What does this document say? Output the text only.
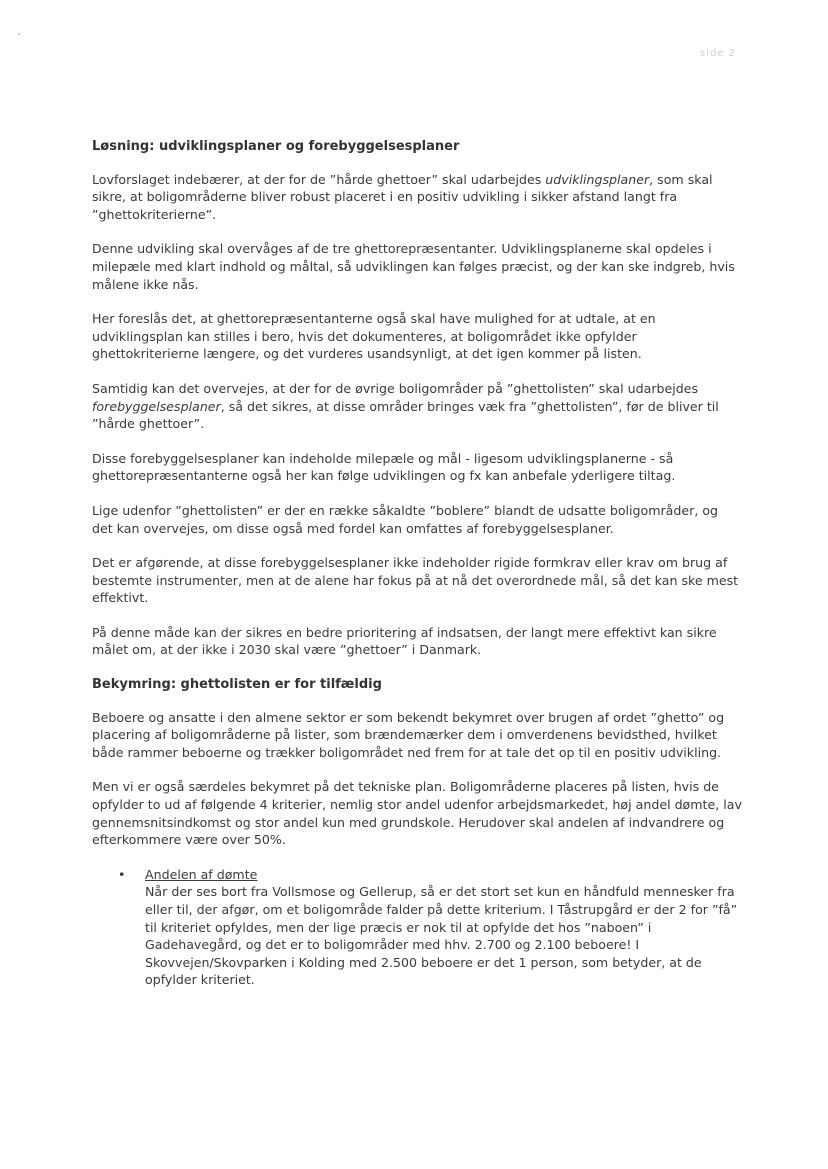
side 2
Løsning: udviklingsplaner og forebyggelsesplaner

Lovforslaget indebærer, at der for de ”hårde ghettoer” skal udarbejdes udviklingsplaner, som skal sikre, at boligområderne bliver robust placeret i en positiv udvikling i sikker afstand langt fra ”ghettokriterierne”.

Denne udvikling skal overvåges af de tre ghettorepræsentanter. Udviklingsplanerne skal opdeles i milepæle med klart indhold og måltal, så udviklingen kan følges præcist, og der kan ske indgreb, hvis målene ikke nås.

Her foreslås det, at ghettorepræsentanterne også skal have mulighed for at udtale, at en udviklingsplan kan stilles i bero, hvis det dokumenteres, at boligområdet ikke opfylder ghettokriterierne længere, og det vurderes usandsynligt, at det igen kommer på listen.

Samtidig kan det overvejes, at der for de øvrige boligområder på ”ghettolisten” skal udarbejdes forebyggelsesplaner, så det sikres, at disse områder bringes væk fra ”ghettolisten”, før de bliver til ”hårde ghettoer”.

Disse forebyggelsesplaner kan indeholde milepæle og mål - ligesom udviklingsplanerne - så ghettorepræsentanterne også her kan følge udviklingen og fx kan anbefale yderligere tiltag.

Lige udenfor ”ghettolisten” er der en række såkaldte ”boblere” blandt de udsatte boligområder, og det kan overvejes, om disse også med fordel kan omfattes af forebyggelsesplaner.

Det er afgørende, at disse forebyggelsesplaner ikke indeholder rigide formkrav eller krav om brug af bestemte instrumenter, men at de alene har fokus på at nå det overordnede mål, så det kan ske mest effektivt.

På denne måde kan der sikres en bedre prioritering af indsatsen, der langt mere effektivt kan sikre målet om, at der ikke i 2030 skal være ”ghettoer” i Danmark.

Bekymring: ghettolisten er for tilfældig

Beboere og ansatte i den almene sektor er som bekendt bekymret over brugen af ordet ”ghetto” og placering af boligområderne på lister, som brændemærker dem i omverdenens bevidsthed, hvilket både rammer beboerne og trækker boligområdet ned frem for at tale det op til en positiv udvikling.

Men vi er også særdeles bekymret på det tekniske plan. Boligområderne placeres på listen, hvis de opfylder to ud af følgende 4 kriterier, nemlig stor andel udenfor arbejdsmarkedet, høj andel dømte, lav gennemsnitsindkomst og stor andel kun med grundskole. Herudover skal andelen af indvandrere og efterkommere være over 50%.

• Andelen af dømte
Når der ses bort fra Vollsmose og Gellerup, så er det stort set kun en håndfuld mennesker fra eller til, der afgør, om et boligområde falder på dette kriterium. I Tåstrupgård er der 2 for ”få” til kriteriet opfyldes, men der lige præcis er nok til at opfylde det hos ”naboen” i Gadehavegård, og det er to boligområder med hhv. 2.700 og 2.100 beboere! I Skovvejen/Skovparken i Kolding med 2.500 beboere er det 1 person, som betyder, at de opfylder kriteriet.
